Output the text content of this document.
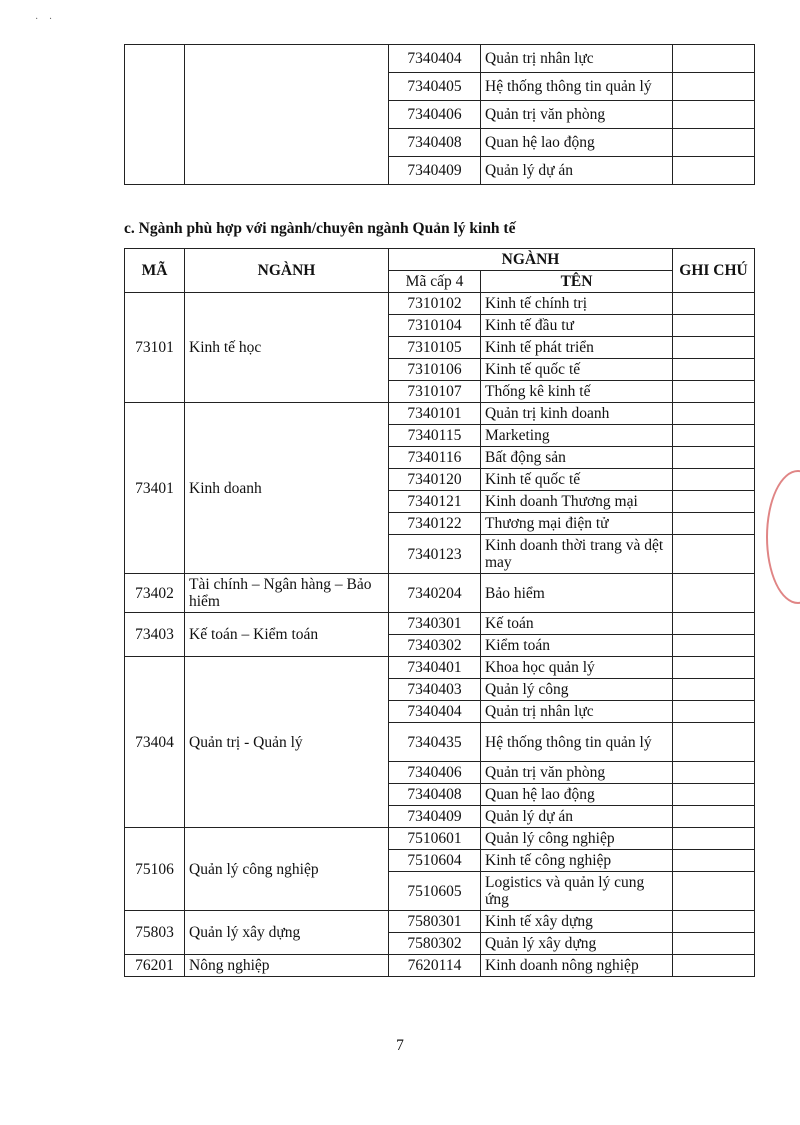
· ·
		7340404	Quản trị nhân lực	
		7340405	Hệ thống thông tin quản lý	
		7340406	Quản trị văn phòng	
		7340408	Quan hệ lao động	
		7340409	Quản lý dự án	
c. Ngành phù hợp với ngành/chuyên ngành Quản lý kinh tế
MÃ	NGÀNH	NGÀNH		GHI CHÚ
		Mã cấp 4	TÊN	
73101	Kinh tế học	7310102	Kinh tế chính trị	
		7310104	Kinh tế đầu tư	
		7310105	Kinh tế phát triển	
		7310106	Kinh tế quốc tế	
		7310107	Thống kê kinh tế	
73401	Kinh doanh	7340101	Quản trị kinh doanh	
		7340115	Marketing	
		7340116	Bất động sản	
		7340120	Kinh tế quốc tế	
		7340121	Kinh doanh Thương mại	
		7340122	Thương mại điện tử	
		7340123	Kinh doanh thời trang và dệt may	
73402	Tài chính – Ngân hàng – Bảo hiểm	7340204	Bảo hiểm	
73403	Kế toán – Kiểm toán	7340301	Kế toán	
		7340302	Kiểm toán	
73404	Quản trị - Quản lý	7340401	Khoa học quản lý	
		7340403	Quản lý công	
		7340404	Quản trị nhân lực	
		7340435	Hệ thống thông tin quản lý	
		7340406	Quản trị văn phòng	
		7340408	Quan hệ lao động	
		7340409	Quản lý dự án	
75106	Quản lý công nghiệp	7510601	Quản lý công nghiệp	
		7510604	Kinh tế công nghiệp	
		7510605	Logistics và quản lý cung ứng	
75803	Quản lý xây dựng	7580301	Kinh tế xây dựng	
		7580302	Quản lý xây dựng	
76201	Nông nghiệp	7620114	Kinh doanh nông nghiệp	
7
